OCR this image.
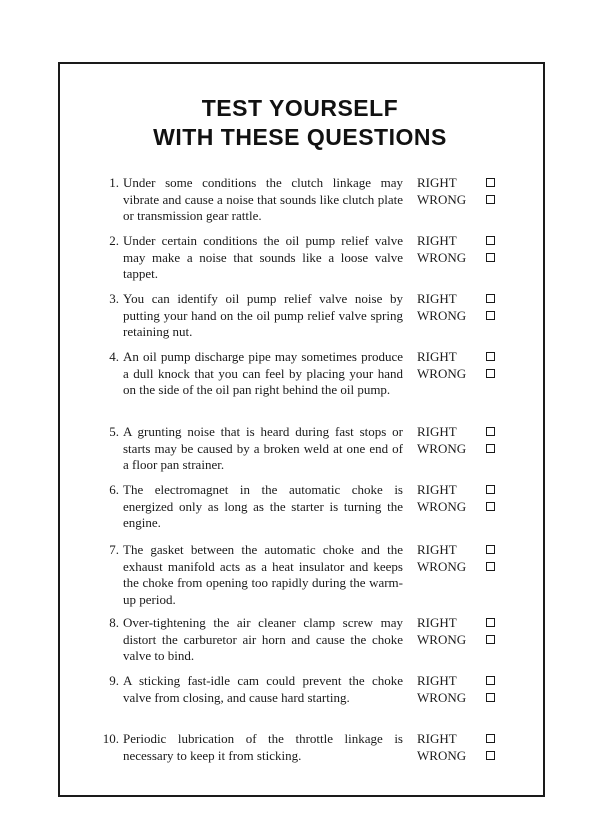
TEST YOURSELF
WITH THESE QUESTIONS
1. Under some conditions the clutch linkage may vibrate and cause a noise that sounds like clutch plate or transmission gear rattle.
RIGHT
WRONG
2. Under certain conditions the oil pump relief valve may make a noise that sounds like a loose valve tappet.
RIGHT
WRONG
3. You can identify oil pump relief valve noise by putting your hand on the oil pump relief valve spring retaining nut.
RIGHT
WRONG
4. An oil pump discharge pipe may sometimes produce a dull knock that you can feel by placing your hand on the side of the oil pan right behind the oil pump.
RIGHT
WRONG
5. A grunting noise that is heard during fast stops or starts may be caused by a broken weld at one end of a floor pan strainer.
RIGHT
WRONG
6. The electromagnet in the automatic choke is energized only as long as the starter is turning the engine.
RIGHT
WRONG
7. The gasket between the automatic choke and the exhaust manifold acts as a heat insulator and keeps the choke from opening too rapidly during the warm-up period.
RIGHT
WRONG
8. Over-tightening the air cleaner clamp screw may distort the carburetor air horn and cause the choke valve to bind.
RIGHT
WRONG
9. A sticking fast-idle cam could prevent the choke valve from closing, and cause hard starting.
RIGHT
WRONG
10. Periodic lubrication of the throttle linkage is necessary to keep it from sticking.
RIGHT
WRONG
